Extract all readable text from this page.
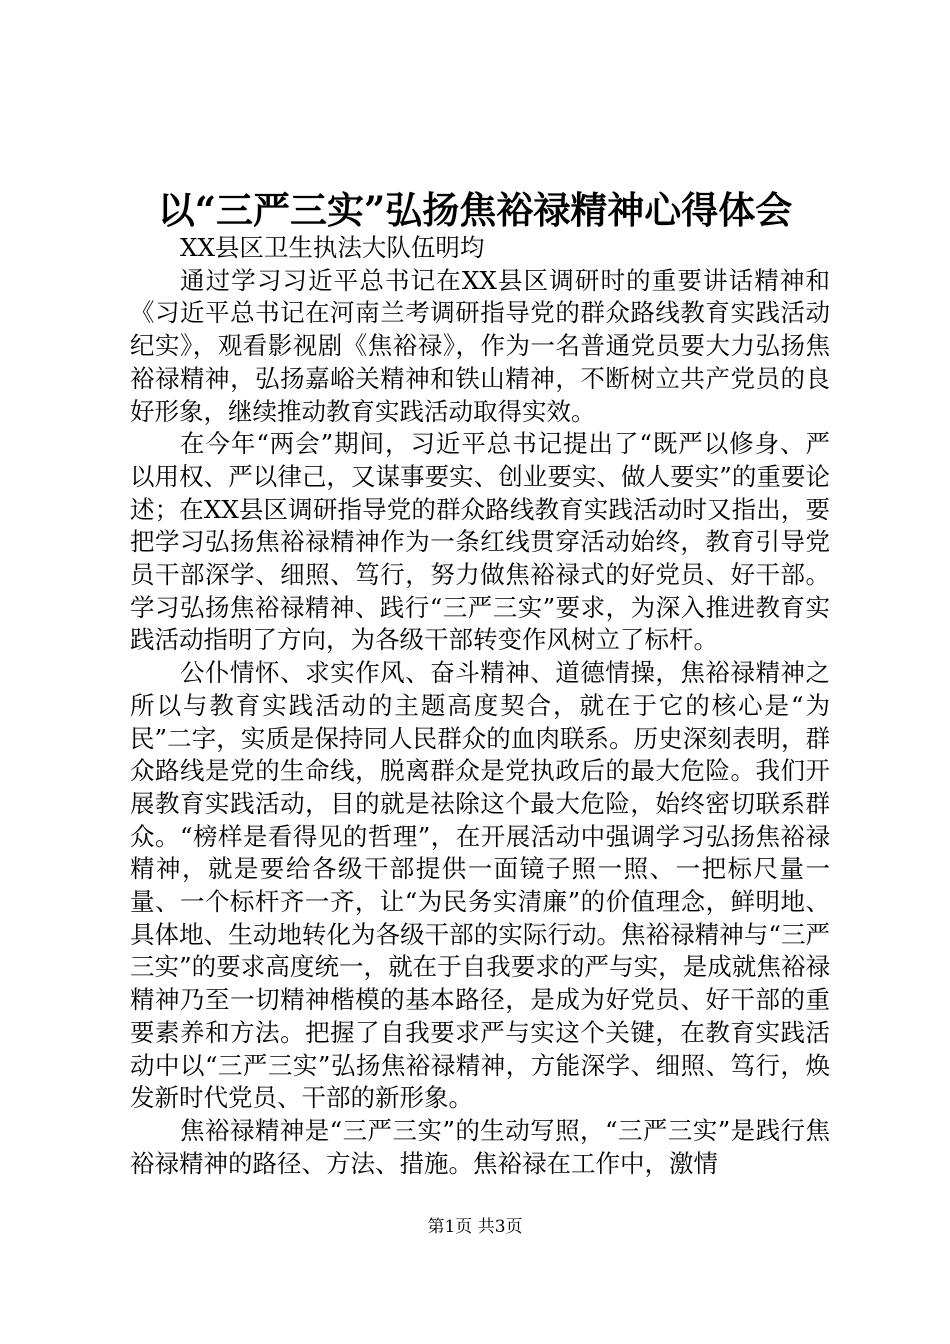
以“三严三实”弘扬焦裕禄精神心得体会

XX县区卫生执法大队伍明均

通过学习习近平总书记在XX县区调研时的重要讲话精神和《习近平总书记在河南兰考调研指导党的群众路线教育实践活动纪实》，观看影视剧《焦裕禄》，作为一名普通党员要大力弘扬焦裕禄精神，弘扬嘉峪关精神和铁山精神，不断树立共产党员的良好形象，继续推动教育实践活动取得实效。

在今年“两会”期间，习近平总书记提出了“既严以修身、严以用权、严以律己，又谋事要实、创业要实、做人要实”的重要论述；在XX县区调研指导党的群众路线教育实践活动时又指出，要把学习弘扬焦裕禄精神作为一条红线贯穿活动始终，教育引导党员干部深学、细照、笃行，努力做焦裕禄式的好党员、好干部。学习弘扬焦裕禄精神、践行“三严三实”要求，为深入推进教育实践活动指明了方向，为各级干部转变作风树立了标杆。

公仆情怀、求实作风、奋斗精神、道德情操，焦裕禄精神之所以与教育实践活动的主题高度契合，就在于它的核心是“为民”二字，实质是保持同人民群众的血肉联系。历史深刻表明，群众路线是党的生命线，脱离群众是党执政后的最大危险。我们开展教育实践活动，目的就是祛除这个最大危险，始终密切联系群众。“榜样是看得见的哲理”，在开展活动中强调学习弘扬焦裕禄精神，就是要给各级干部提供一面镜子照一照、一把标尺量一量、一个标杆齐一齐，让“为民务实清廉”的价值理念，鲜明地、具体地、生动地转化为各级干部的实际行动。焦裕禄精神与“三严三实”的要求高度统一，就在于自我要求的严与实，是成就焦裕禄精神乃至一切精神楷模的基本路径，是成为好党员、好干部的重要素养和方法。把握了自我要求严与实这个关键，在教育实践活动中以“三严三实”弘扬焦裕禄精神，方能深学、细照、笃行，焕发新时代党员、干部的新形象。

焦裕禄精神是“三严三实”的生动写照，“三严三实”是践行焦裕禄精神的路径、方法、措施。焦裕禄在工作中，激情

第1页 共3页
